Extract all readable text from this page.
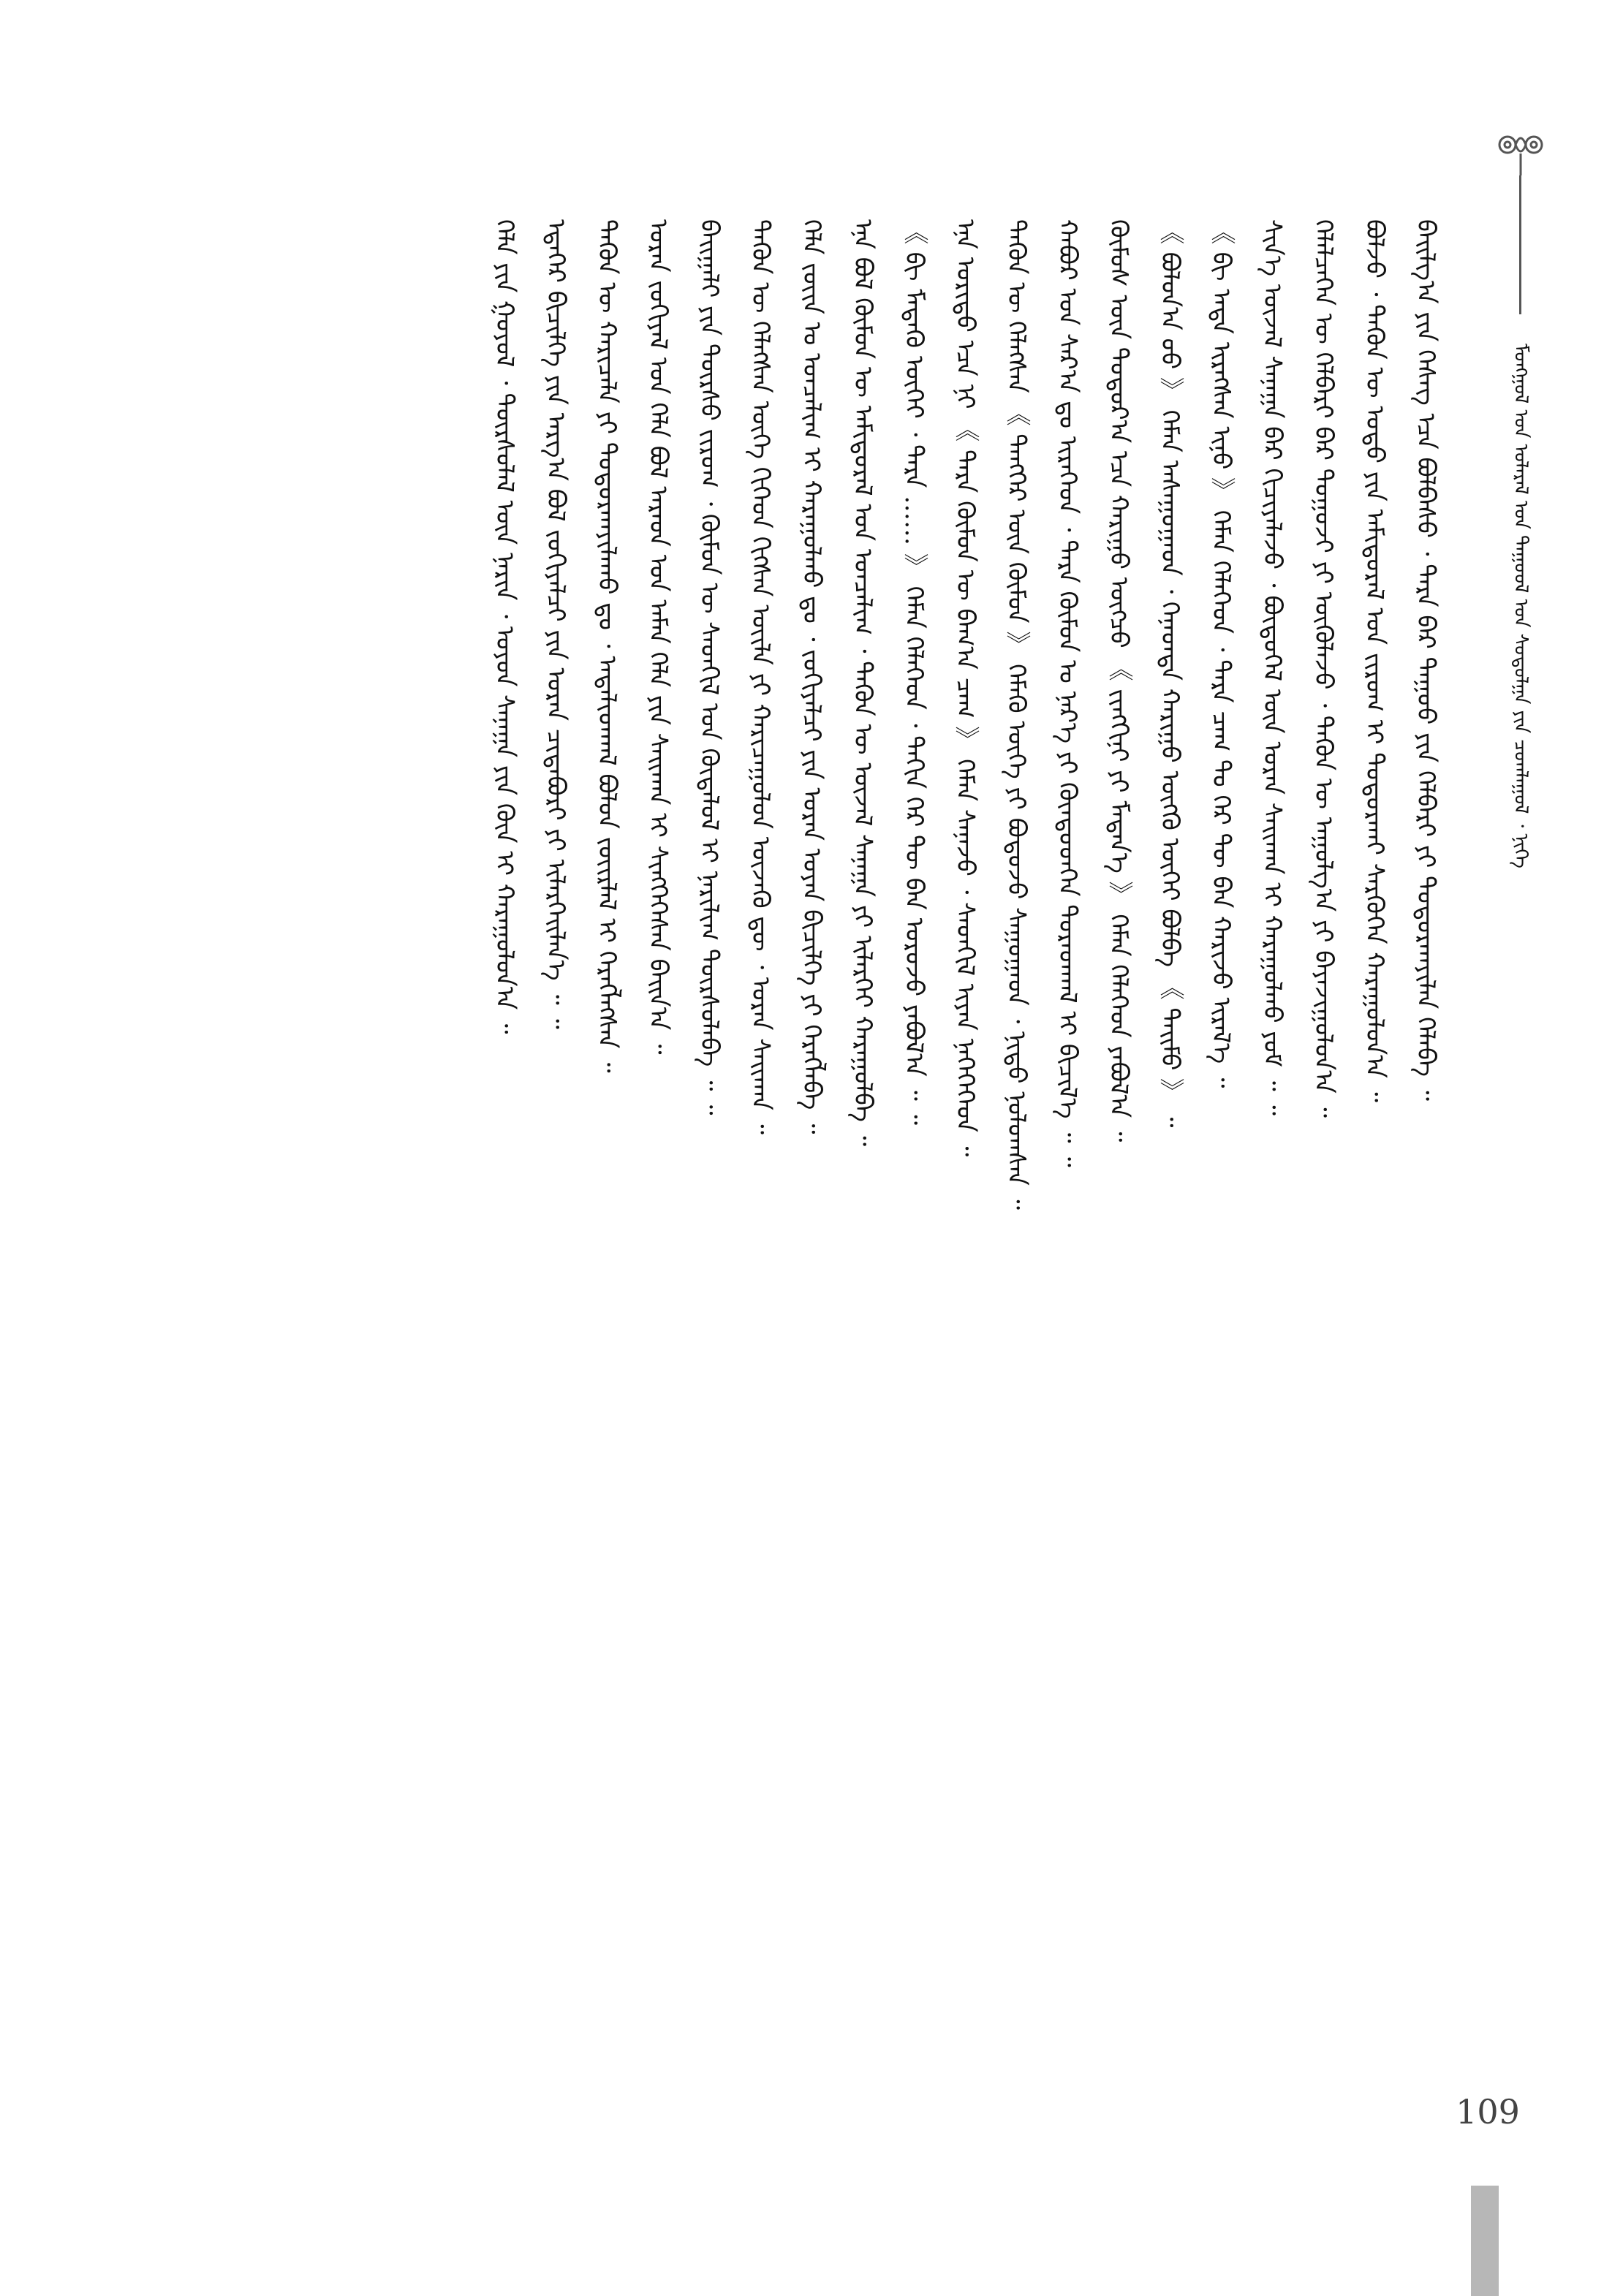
ᠮᠣᠩᠭᠣᠯ ᠤᠨ ᠤᠯᠠᠷᠠᠯ ᠤᠨ ᠳᠠᠭᠤᠤᠯ ᠤᠨ ᠰᠤᠳᠤᠯᠭᠠ ᠶᠢᠨ ᠴᠤᠭᠯᠠᠭᠤᠯ ᠂ ᠨᠢᠭᠡ
ᠪᠠᠢᠯᠭ᠎ᠠ ᠶᠢᠨ ᠬᠡᠰᠡᠭ ᠡᠴᠡ ᠪᠣᠯᠪᠠᠰᠤ ᠂ ᠲᠡᠷᠡ ᠪᠡᠷ ᠳᠠᠭᠤᠤ ᠶᠢᠨ ᠬᠡᠯᠪᠡᠷᠢ ᠶᠢ ᠲᠣᠳᠤᠷᠬᠠᠶᠢᠯᠠᠨ ᠬᠡᠯᠡᠪᠡ ᠃
ᠪᠣᠯᠵᠤ ᠂ ᠲᠡᠭᠦᠨ ᠦ ᠣᠳᠣ ᠶᠢᠨ ᠠᠮᠢᠳᠤᠷᠠᠯ ᠤᠨ ᠵᠢᠷᠤᠭ ᠢ ᠲᠣᠳᠤᠷᠬᠠᠢ ᠰᠡᠷᠭᠦᠭᠡᠨ ᠬᠠᠷᠠᠭᠤᠯᠤᠨ᠎ᠠ ᠃
ᠬᠡᠯᠡᠯᠴᠡᠭᠡᠨ ᠦ ᠬᠡᠯᠪᠡᠷᠢ ᠪᠠᠷ ᠲᠤᠭᠤᠵᠢ ᠶᠢ ᠥᠭᠦᠯᠡᠵᠦ ᠂ ᠲᠡᠭᠦᠨ ᠦ ᠠᠭᠤᠯᠭ᠎ᠠ ᠶᠢ ᠪᠠᠶᠠᠵᠢᠭᠤᠯᠤᠨ᠎ᠠ ᠃
ᠰᠢᠨ᠎ᠡ ᠦᠵᠡᠯ ᠰᠠᠨᠠᠭᠠ ᠪᠠᠷ ᠬᠢᠴᠢᠶᠡᠯᠡᠵᠦ ᠂ ᠪᠦᠲᠦᠭᠡᠯ ᠦᠨ ᠤᠷᠠᠨ ᠰᠠᠢᠬᠠᠨ ᠢ ᠬᠠᠷᠠᠭᠤᠯᠬᠤ ᠶᠤᠮ ᠃ ᠃
《 ᠪᠢ ᠡᠨᠳᠡ ᠢᠷᠡᠭᠰᠡᠨ ᠢᠨᠦ 》 ᠬᠡᠮᠡᠨ ᠬᠡᠯᠡᠭᠡᠳ ᠂ ᠲᠡᠷᠡ ᠴᠠᠭ ᠲᠤ ᠭᠡᠷ ᠲᠦ ᠪᠠᠨ ᠬᠠᠷᠢᠵᠤ ᠢᠷᠡᠯ᠎ᠡ ᠃
《 ᠪᠣᠯᠤᠨ᠎ᠠ ᠤᠤ 》 ᠬᠡᠮᠡᠨ ᠠᠰᠠᠭᠤᠭᠠᠳ ᠂ ᠭᠡᠨᠡᠳᠲᠡ ᠬᠠᠷᠢᠭᠤ ᠥᠭᠬᠦ ᠦᠭᠡᠢ ᠪᠣᠯᠪᠠ 《 ᠲᠡᠢᠮᠦ 》 ᠃
ᠬᠦᠮᠦᠰ ᠦᠨ ᠳᠣᠲᠣᠷ᠎ᠠ ᠡᠴᠡ ᠬᠠᠷᠢᠭᠤ ᠥᠭᠴᠦ 《 ᠵᠢᠨᠭᠬᠢᠨᠢ ᠶᠢ ᠮᠡᠳᠡᠨ᠎ᠡ 》 ᠬᠡᠮᠡᠨ ᠬᠡᠯᠡᠭᠡᠳ ᠶᠠᠪᠤᠯ᠎ᠠ ᠃
ᠬᠠᠪᠤᠷ ᠤᠨ ᠰᠠᠷ᠎ᠠ ᠳᠤ ᠢᠷᠡᠭᠡᠳ ᠂ ᠲᠡᠷᠡ ᠬᠦᠮᠦᠨ ᠤ ᠨᠡᠷ᠎ᠡ ᠶᠢ ᠬᠦᠨᠳᠦᠳᠭᠡᠨ ᠳᠤᠷᠠᠳᠬᠠᠯ ᠢ ᠪᠢᠴᠢᠯ᠎ᠡ ᠃ ᠃
ᠲᠡᠭᠦᠨ ᠦ ᠬᠡᠯᠡᠭᠰᠡᠨ 《 ᠲᠡᠨᠭᠭᠡᠷ ᠦᠨ ᠬᠦᠮᠦᠨ 》 ᠬᠡᠮᠡᠬᠦ ᠦᠭᠡ ᠶᠢ ᠪᠣᠳᠣᠵᠤ ᠰᠠᠭᠤᠭᠠᠳ ᠂ ᠨᠢᠳᠦ ᠨᠣᠯᠣᠭᠰᠠᠨ ᠃
ᠡᠨᠡ ᠤᠷᠢᠳᠤ ᠡᠴᠡ ᠨᠢ 《 ᠲᠡᠷᠡ ᠬᠦᠮᠦᠨ ᠦ ᠪᠠᠭ᠎ᠠ ᠴᠠᠭ 》 ᠬᠡᠮᠡᠨ ᠰᠠᠨᠠᠵᠤ ᠂ ᠰᠡᠳᠬᠢᠯ ᠢᠶᠡᠨ ᠨᠡᠭᠡᠭᠡᠭᠡᠳ ᠃
《 ᠪᠢ ᠮᠡᠳᠡᠬᠦ ᠦᠭᠡᠢ ᠂ ᠲᠡᠷᠡ …… 》 ᠬᠡᠮᠡᠨ ᠬᠡᠯᠡᠭᠡᠳ ᠂ ᠳᠠᠬᠢᠨ ᠭᠡᠷ ᠲᠦ ᠪᠠᠨ ᠣᠷᠣᠵᠤ ᠶᠠᠪᠤᠯ᠎ᠠ ᠃ ᠃
ᠡᠨᠡ ᠪᠣᠯ ᠬᠦᠮᠦᠨ ᠦ ᠠᠮᠢᠳᠤᠷᠠᠯ ᠤᠨ ᠣᠨᠴᠠᠯᠢᠭ ᠂ ᠲᠡᠭᠦᠨ ᠦ ᠦᠵᠡᠯ ᠰᠠᠨᠠᠭᠠ ᠶᠢ ᠢᠯᠡᠷᠬᠡᠢ ᠬᠠᠷᠠᠭᠤᠯᠪᠠ ᠃
ᠬᠡᠯᠡ ᠵᠦᠢᠨ ᠤ ᠣᠨᠴᠠᠯᠢᠭ ᠢ ᠬᠠᠷᠠᠭᠤᠯᠬᠤ ᠳᠤ ᠂ ᠵᠣᠬᠢᠶᠠᠯᠴᠢ ᠶᠢᠨ ᠤᠷᠠᠨ ᠤᠶᠠᠨ ᠪᠢᠴᠢᠯᠭᠡ ᠶᠢ ᠬᠡᠷᠡᠭᠯᠡᠪᠡ ᠃
ᠲᠡᠭᠦᠨ ᠦ ᠬᠡᠯᠡᠭᠰᠡᠨ ᠦᠭᠡ ᠬᠢᠭᠡᠳ ᠬᠢᠭᠰᠡᠨ ᠦᠢᠯᠡ ᠶᠢ ᠬᠠᠷᠢᠴᠠᠭᠤᠯᠤᠨ ᠦᠵᠡᠬᠦ ᠳᠦ ᠂ ᠤᠷᠠᠨ ᠰᠠᠢᠬᠠᠨ ᠃
ᠪᠠᠢᠭᠠᠯᠢ ᠶᠢᠨ ᠳᠦᠷᠰᠦ ᠵᠢᠷᠤᠭ ᠂ ᠬᠦᠮᠦᠨ ᠦ ᠰᠡᠳᠬᠢᠯ ᠤᠨ ᠬᠥᠳᠡᠯᠦᠯ ᠢ ᠨᠠᠷᠢᠯᠢᠭ ᠳᠦᠷᠰᠦᠯᠡᠪᠡ ᠃ ᠃
ᠤᠷᠠᠨ ᠵᠣᠬᠢᠶᠠᠯ ᠤᠨ ᠬᠡᠯᠡ ᠪᠣᠯ ᠠᠷᠠᠳ ᠤᠨ ᠠᠮᠠᠨ ᠬᠡᠯᠡ ᠶᠢᠨ ᠰᠠᠢᠬᠠᠨ ᠢ ᠰᠢᠩᠭᠡᠭᠡᠰᠡᠨ ᠪᠠᠢᠨ᠎ᠠ ᠃
ᠲᠡᠭᠦᠨ ᠦ ᠬᠠᠷᠢᠴᠠᠯᠠ ᠶᠢ ᠲᠣᠳᠤᠷᠬᠠᠶᠢᠯᠠᠬᠤ ᠳᠤ ᠂ ᠠᠳᠠᠯᠢᠳᠬᠠᠯ ᠪᠣᠯᠤᠨ ᠵᠦᠢᠷᠯᠡᠯ ᠢ ᠬᠡᠷᠡᠭᠯᠡᠭᠰᠡᠨ ᠃
ᠡᠳᠡᠭᠡᠷ ᠪᠢᠴᠢᠯᠭᠡ ᠶᠢᠨ ᠠᠷᠭ᠎ᠠ ᠪᠣᠯ ᠵᠣᠬᠢᠶᠠᠯᠴᠢ ᠶᠢᠨ ᠤᠷᠠᠨ ᠴᠢᠳᠠᠪᠤᠷᠢ ᠶᠢ ᠢᠯᠡᠷᠬᠡᠢᠯᠡᠨ᠎ᠡ ᠃ ᠃
ᠬᠡᠯᠡ ᠶᠢᠨ ᠭᠣᠶᠣᠯ ᠂ ᠳᠦᠷᠰᠦᠯᠡᠯ ᠦᠨ ᠨᠠᠷᠢᠨ ᠂ ᠣᠶᠤᠨ ᠰᠠᠨᠠᠭᠠ ᠶᠢᠨ ᠭᠦᠨ ᠢ ᠬᠠᠷᠠᠭᠤᠯᠤᠨ᠎ᠠ ᠃
109
